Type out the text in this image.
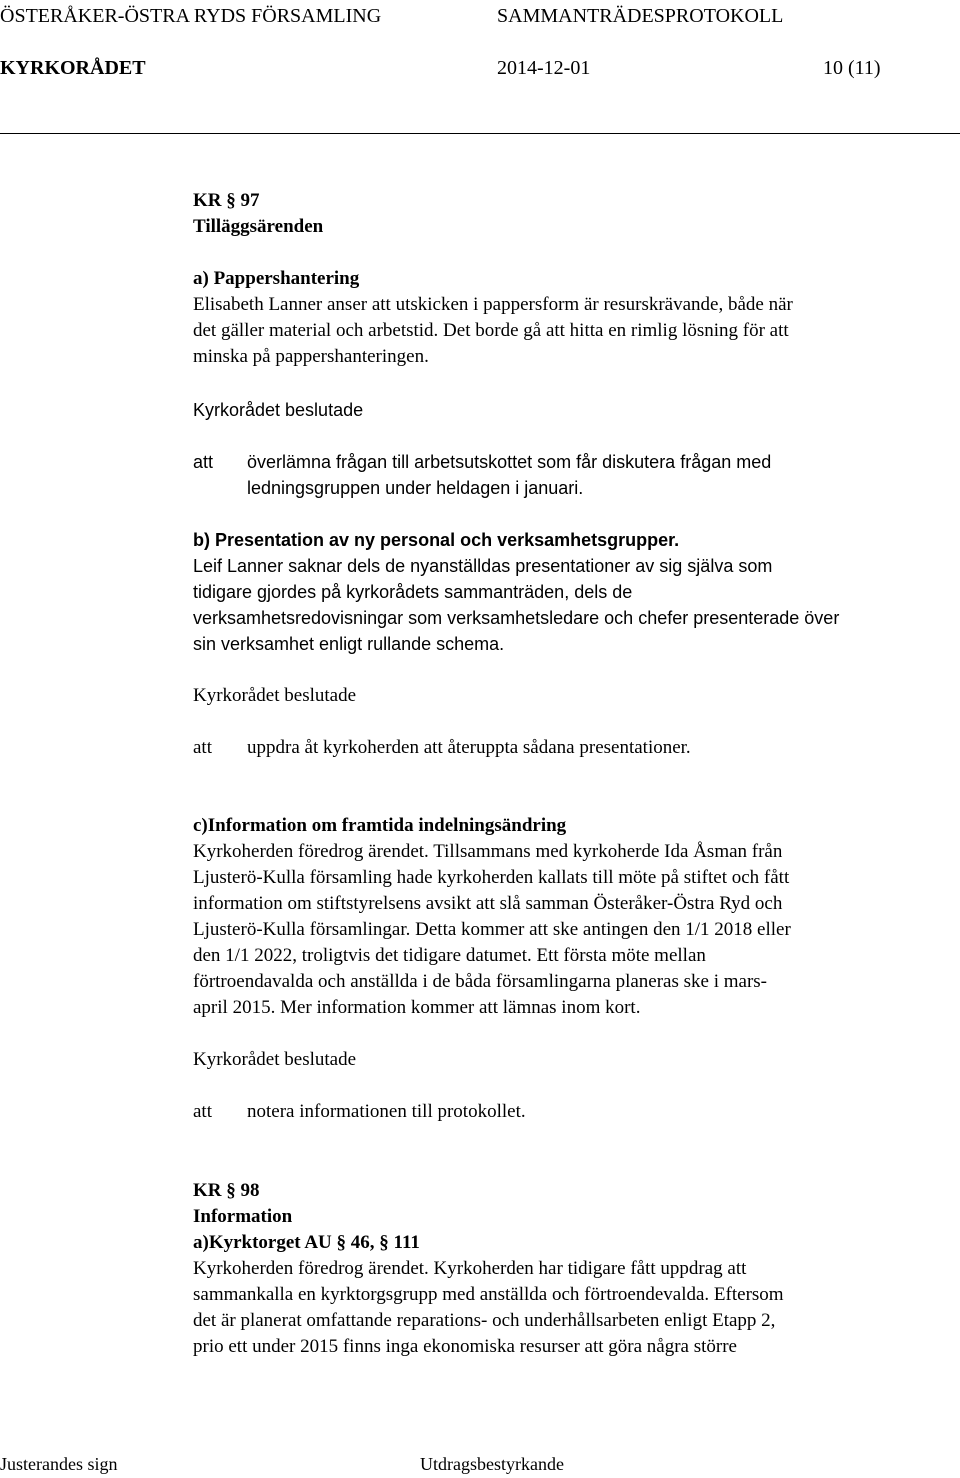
ÖSTERÅKER-ÖSTRA RYDS FÖRSAMLING	SAMMANTRÄDESPROTOKOLL
KYRKORÅDET	2014-12-01	10 (11)
KR § 97
Tilläggsärenden
a) Pappershantering
Elisabeth Lanner anser att utskicken i pappersform är resurskrävande, både när
det gäller material och arbetstid. Det borde gå att hitta en rimlig lösning för att
minska på pappershanteringen.
Kyrkorådet beslutade
att överlämna frågan till arbetsutskottet som får diskutera frågan med
ledningsgruppen under heldagen i januari.
b) Presentation av ny personal och verksamhetsgrupper.
Leif Lanner saknar dels de nyanställdas presentationer av sig själva som
tidigare gjordes på kyrkorådets sammanträden, dels de
verksamhetsredovisningar som verksamhetsledare och chefer presenterade över
sin verksamhet enligt rullande schema.
Kyrkorådet beslutade
att uppdra åt kyrkoherden att återuppta sådana presentationer.
c)Information om framtida indelningsändring
Kyrkoherden föredrog ärendet. Tillsammans med kyrkoherde Ida Åsman från
Ljusterö-Kulla församling hade kyrkoherden kallats till möte på stiftet och fått
information om stiftstyrelsens avsikt att slå samman Österåker-Östra Ryd och
Ljusterö-Kulla församlingar. Detta kommer att ske antingen den 1/1 2018 eller
den 1/1 2022, troligtvis det tidigare datumet. Ett första möte mellan
förtroendavalda och anställda i de båda församlingarna planeras ske i mars-
april 2015. Mer information kommer att lämnas inom kort.
Kyrkorådet beslutade
att notera informationen till protokollet.
KR § 98
Information
a)Kyrktorget AU § 46, § 111
Kyrkoherden föredrog ärendet. Kyrkoherden har tidigare fått uppdrag att
sammankalla en kyrktorgsgrupp med anställda och förtroendevalda. Eftersom
det är planerat omfattande reparations- och underhållsarbeten enligt Etapp 2,
prio ett under 2015 finns inga ekonomiska resurser att göra några större
Justerandes sign	Utdragsbestyrkande
